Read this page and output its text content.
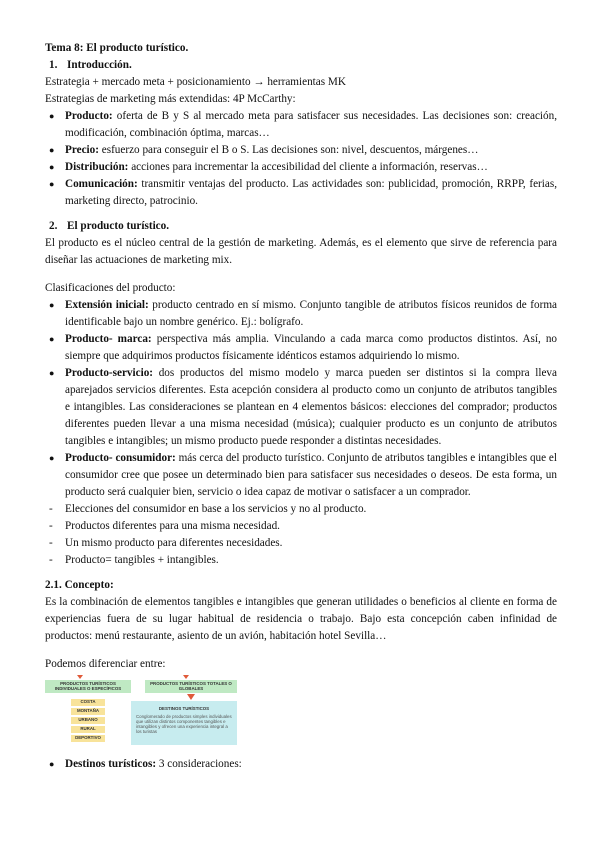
Tema 8: El producto turístico.

1. Introducción.

Estrategia + mercado meta + posicionamiento → herramientas MK

Estrategias de marketing más extendidas: 4P McCarthy:

● Producto: oferta de B y S al mercado meta para satisfacer sus necesidades. Las decisiones son: creación, modificación, combinación óptima, marcas…
● Precio: esfuerzo para conseguir el B o S. Las decisiones son: nivel, descuentos, márgenes…
● Distribución: acciones para incrementar la accesibilidad del cliente a información, reservas…
● Comunicación: transmitir ventajas del producto. Las actividades son: publicidad, promoción, RRPP, ferias, marketing directo, patrocinio.

2. El producto turístico.

El producto es el núcleo central de la gestión de marketing. Además, es el elemento que sirve de referencia para diseñar las actuaciones de marketing mix.

Clasificaciones del producto:

● Extensión inicial: producto centrado en sí mismo. Conjunto tangible de atributos físicos reunidos de forma identificable bajo un nombre genérico. Ej.: bolígrafo.
● Producto- marca: perspectiva más amplia. Vinculando a cada marca como productos distintos. Así, no siempre que adquirimos productos físicamente idénticos estamos adquiriendo lo mismo.
● Producto-servicio: dos productos del mismo modelo y marca pueden ser distintos si la compra lleva aparejados servicios diferentes. Esta acepción considera al producto como un conjunto de atributos tangibles e intangibles. Las consideraciones se plantean en 4 elementos básicos: elecciones del comprador; productos diferentes pueden llevar a una misma necesidad (música); cualquier producto es un conjunto de atributos tangibles e intangibles; un mismo producto puede responder a distintas necesidades.
● Producto- consumidor: más cerca del producto turístico. Conjunto de atributos tangibles e intangibles que el consumidor cree que posee un determinado bien para satisfacer sus necesidades o deseos. De esta forma, un producto será cualquier bien, servicio o idea capaz de motivar o satisfacer a un comprador.
- Elecciones del consumidor en base a los servicios y no al producto.
- Productos diferentes para una misma necesidad.
- Un mismo producto para diferentes necesidades.
- Producto= tangibles + intangibles.

2.1. Concepto:

Es la combinación de elementos tangibles e intangibles que generan utilidades o beneficios al cliente en forma de experiencias fuera de su lugar habitual de residencia o trabajo. Bajo esta concepción caben infinidad de productos: menú restaurante, asiento de un avión, habitación hotel Sevilla…

Podemos diferenciar entre:

PRODUCTOS TURÍSTICOS INDIVIDUALES O ESPECÍFICOS
COSTA
MONTAÑA
URBANO
RURAL
DEPORTIVO
PRODUCTOS TURÍSTICOS TOTALES O GLOBALES
DESTINOS TURÍSTICOS
Conglomerado de productos simples individuales que utilizan distintos componentes tangibles e intangibles y ofrecen una experiencia integral a los turistas
● Destinos turísticos: 3 consideraciones:
